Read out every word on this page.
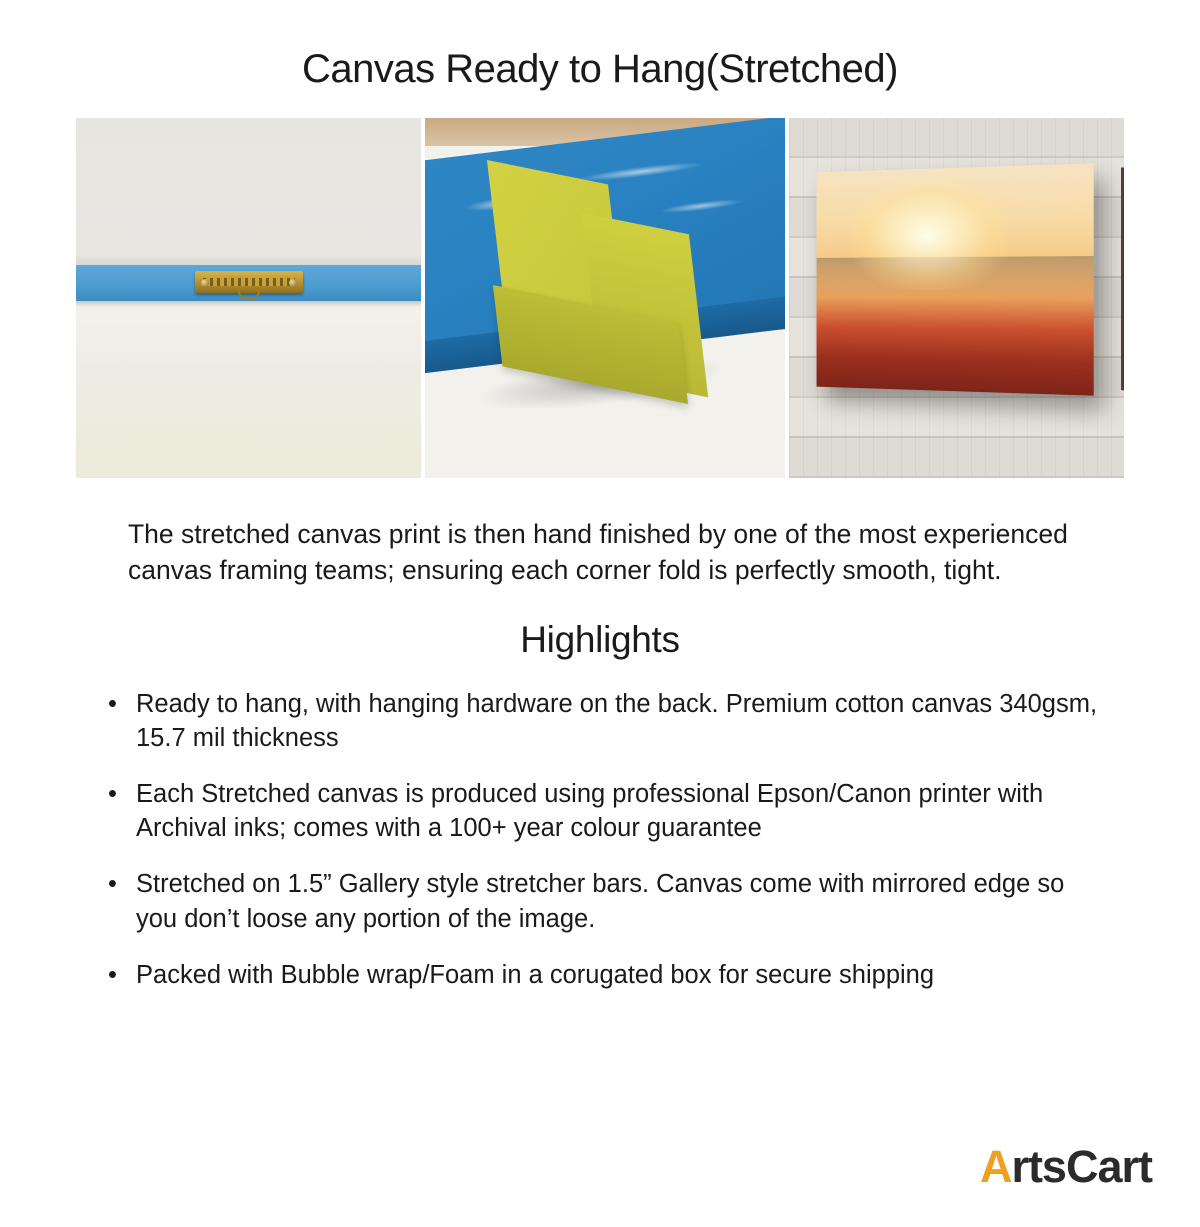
Canvas Ready to Hang(Stretched)

The stretched canvas print is then hand finished by one of the most experienced canvas framing teams; ensuring each corner fold is perfectly smooth, tight.

Highlights
• Ready to hang, with hanging hardware on the back. Premium cotton canvas 340gsm, 15.7 mil thickness
• Each Stretched canvas is produced using professional Epson/Canon printer with Archival inks; comes with a 100+ year colour guarantee
• Stretched on 1.5” Gallery style stretcher bars. Canvas come with mirrored edge so you don’t loose any portion of the image.
• Packed with Bubble wrap/Foam in a corugated box for secure shipping
A rts Cart
